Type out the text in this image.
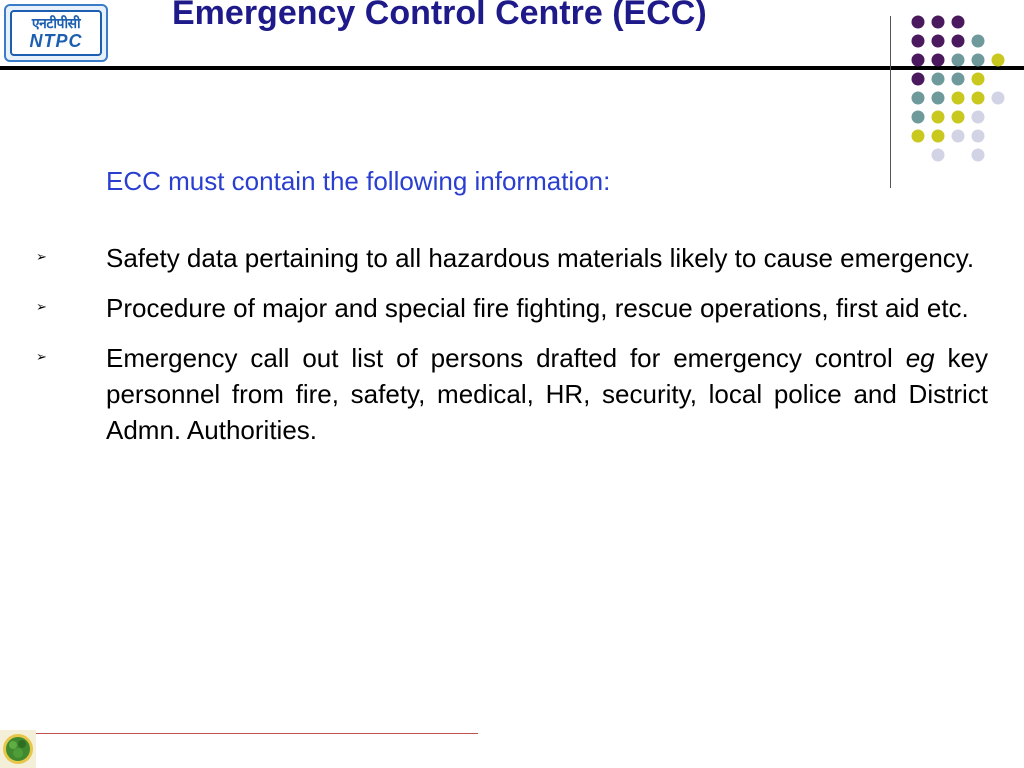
एनटीपीसी
NTPC
Emergency Control Centre (ECC)

ECC must contain the following information:

➢	Safety data pertaining to all hazardous materials likely to cause emergency.
➢	Procedure of major and special fire fighting, rescue operations, first aid etc.
➢	Emergency call out list of persons drafted for emergency control eg key personnel from fire, safety, medical, HR, security, local police and District Admn. Authorities.
